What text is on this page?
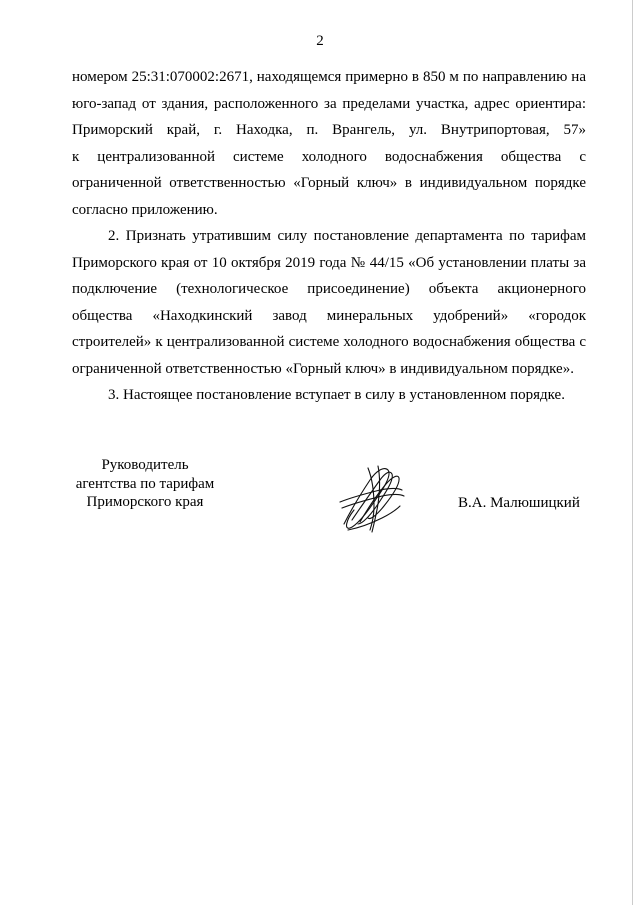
2
номером 25:31:070002:2671, находящемся примерно в 850 м по направлению на
юго-запад от здания, расположенного за пределами участка, адрес ориентира:
Приморский край, г. Находка, п. Врангель, ул. Внутрипортовая, 57»
к централизованной системе холодного водоснабжения общества с
ограниченной ответственностью «Горный ключ» в индивидуальном порядке
согласно приложению.
2. Признать утратившим силу постановление департамента по тарифам
Приморского края от 10 октября 2019 года № 44/15 «Об установлении платы за
подключение (технологическое присоединение) объекта акционерного
общества «Находкинский завод минеральных удобрений» «городок
строителей» к централизованной системе холодного водоснабжения общества с
ограниченной ответственностью «Горный ключ» в индивидуальном порядке».
3. Настоящее постановление вступает в силу в установленном порядке.
Руководитель
агентства по тарифам
Приморского края	В.А. Малюшицкий
